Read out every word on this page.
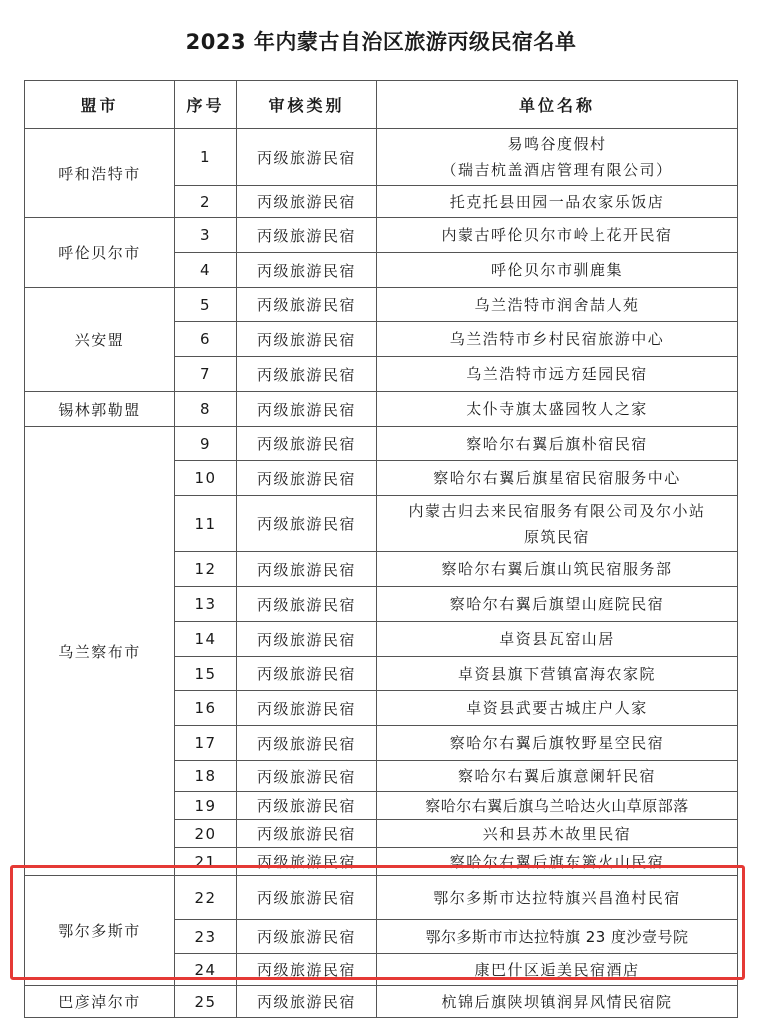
2023 年内蒙古自治区旅游丙级民宿名单
盟市	序号	审核类别	单位名称
呼和浩特市	1	丙级旅游民宿	易鸣谷度假村
（瑞吉杭盖酒店管理有限公司）

	2	丙级旅游民宿	托克托县田园一品农家乐饭店
呼伦贝尔市	3	丙级旅游民宿	内蒙古呼伦贝尔市岭上花开民宿
	4	丙级旅游民宿	呼伦贝尔市驯鹿集
兴安盟	5	丙级旅游民宿	乌兰浩特市润舍喆人苑
	6	丙级旅游民宿	乌兰浩特市乡村民宿旅游中心
	7	丙级旅游民宿	乌兰浩特市远方廷园民宿
锡林郭勒盟	8	丙级旅游民宿	太仆寺旗太盛园牧人之家
乌兰察布市	9	丙级旅游民宿	察哈尔右翼后旗朴宿民宿
	10	丙级旅游民宿	察哈尔右翼后旗星宿民宿服务中心
	11	丙级旅游民宿	内蒙古归去来民宿服务有限公司及尔小站
原筑民宿

	12	丙级旅游民宿	察哈尔右翼后旗山筑民宿服务部
	13	丙级旅游民宿	察哈尔右翼后旗望山庭院民宿
	14	丙级旅游民宿	卓资县瓦窑山居
	15	丙级旅游民宿	卓资县旗下营镇富海农家院
	16	丙级旅游民宿	卓资县武要古城庄户人家
	17	丙级旅游民宿	察哈尔右翼后旗牧野星空民宿
	18	丙级旅游民宿	察哈尔右翼后旗意阑轩民宿
	19	丙级旅游民宿	察哈尔右翼后旗乌兰哈达火山草原部落
	20	丙级旅游民宿	兴和县苏木故里民宿
	21	丙级旅游民宿	察哈尔右翼后旗东篱火山民宿
鄂尔多斯市	22	丙级旅游民宿	鄂尔多斯市达拉特旗兴昌渔村民宿
	23	丙级旅游民宿	鄂尔多斯市市达拉特旗 23 度沙壹号院
	24	丙级旅游民宿	康巴什区逅美民宿酒店
巴彦淖尔市	25	丙级旅游民宿	杭锦后旗陕坝镇润昇风情民宿院
